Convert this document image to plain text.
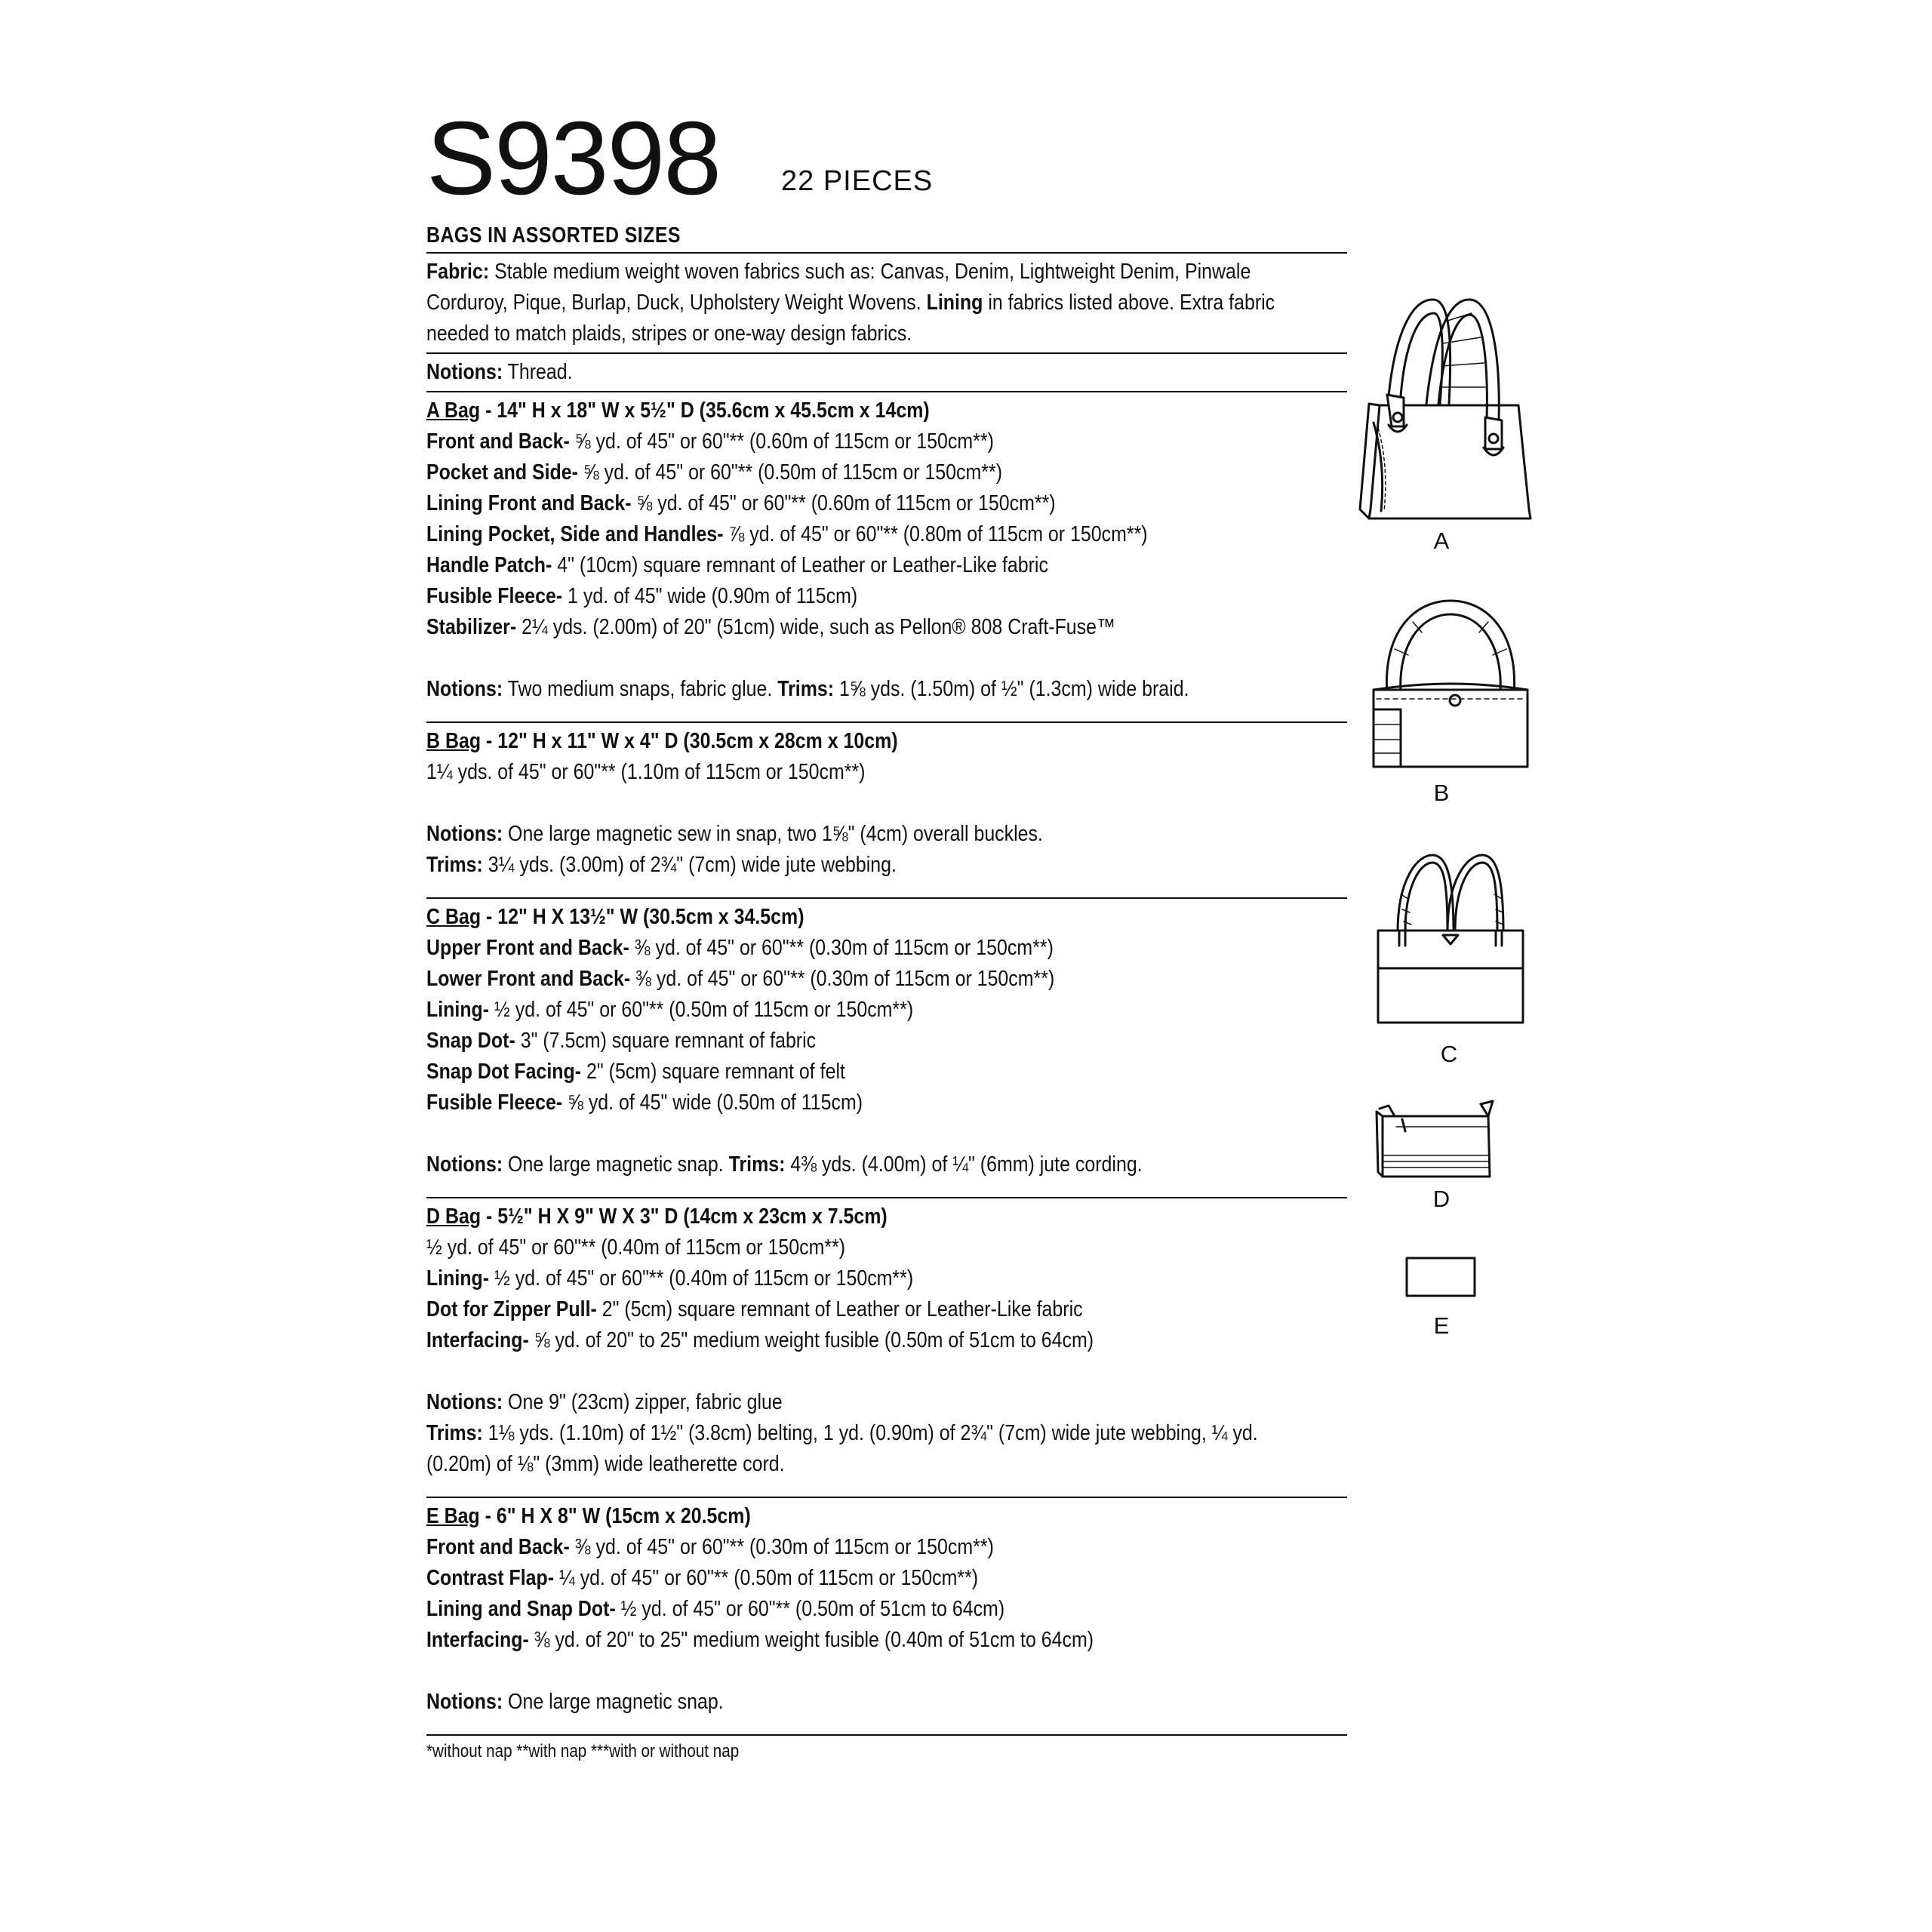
S9398 22 PIECES
BAGS IN ASSORTED SIZES
Fabric: Stable medium weight woven fabrics such as: Canvas, Denim, Lightweight Denim, Pinwale
Corduroy, Pique, Burlap, Duck, Upholstery Weight Wovens. Lining in fabrics listed above. Extra fabric
needed to match plaids, stripes or one-way design fabrics.
Notions: Thread.
A Bag - 14" H x 18" W x 5½" D (35.6cm x 45.5cm x 14cm)
Front and Back- ⅝ yd. of 45" or 60"** (0.60m of 115cm or 150cm**)
Pocket and Side- ⅝ yd. of 45" or 60"** (0.50m of 115cm or 150cm**)
Lining Front and Back- ⅝ yd. of 45" or 60"** (0.60m of 115cm or 150cm**)
Lining Pocket, Side and Handles- ⅞ yd. of 45" or 60"** (0.80m of 115cm or 150cm**)
Handle Patch- 4" (10cm) square remnant of Leather or Leather-Like fabric
Fusible Fleece- 1 yd. of 45" wide (0.90m of 115cm)
Stabilizer- 2¼ yds. (2.00m) of 20" (51cm) wide, such as Pellon® 808 Craft-Fuse™
Notions: Two medium snaps, fabric glue. Trims: 1⅝ yds. (1.50m) of ½" (1.3cm) wide braid.
B Bag - 12" H x 11" W x 4" D (30.5cm x 28cm x 10cm)
1¼ yds. of 45" or 60"** (1.10m of 115cm or 150cm**)
Notions: One large magnetic sew in snap, two 1⅝" (4cm) overall buckles.
Trims: 3¼ yds. (3.00m) of 2¾" (7cm) wide jute webbing.
C Bag - 12" H X 13½" W (30.5cm x 34.5cm)
Upper Front and Back- ⅜ yd. of 45" or 60"** (0.30m of 115cm or 150cm**)
Lower Front and Back- ⅜ yd. of 45" or 60"** (0.30m of 115cm or 150cm**)
Lining- ½ yd. of 45" or 60"** (0.50m of 115cm or 150cm**)
Snap Dot- 3" (7.5cm) square remnant of fabric
Snap Dot Facing- 2" (5cm) square remnant of felt
Fusible Fleece- ⅝ yd. of 45" wide (0.50m of 115cm)
Notions: One large magnetic snap. Trims: 4⅜ yds. (4.00m) of ¼" (6mm) jute cording.
D Bag - 5½" H X 9" W X 3" D (14cm x 23cm x 7.5cm)
½ yd. of 45" or 60"** (0.40m of 115cm or 150cm**)
Lining- ½ yd. of 45" or 60"** (0.40m of 115cm or 150cm**)
Dot for Zipper Pull- 2" (5cm) square remnant of Leather or Leather-Like fabric
Interfacing- ⅝ yd. of 20" to 25" medium weight fusible (0.50m of 51cm to 64cm)
Notions: One 9" (23cm) zipper, fabric glue
Trims: 1⅛ yds. (1.10m) of 1½" (3.8cm) belting, 1 yd. (0.90m) of 2¾" (7cm) wide jute webbing, ¼ yd.
(0.20m) of ⅛" (3mm) wide leatherette cord.
E Bag - 6" H X 8" W (15cm x 20.5cm)
Front and Back- ⅜ yd. of 45" or 60"** (0.30m of 115cm or 150cm**)
Contrast Flap- ¼ yd. of 45" or 60"** (0.50m of 115cm or 150cm**)
Lining and Snap Dot- ½ yd. of 45" or 60"** (0.50m of 51cm to 64cm)
Interfacing- ⅜ yd. of 20" to 25" medium weight fusible (0.40m of 51cm to 64cm)
Notions: One large magnetic snap.
*without nap **with nap ***with or without nap
A
B
C
D
E
